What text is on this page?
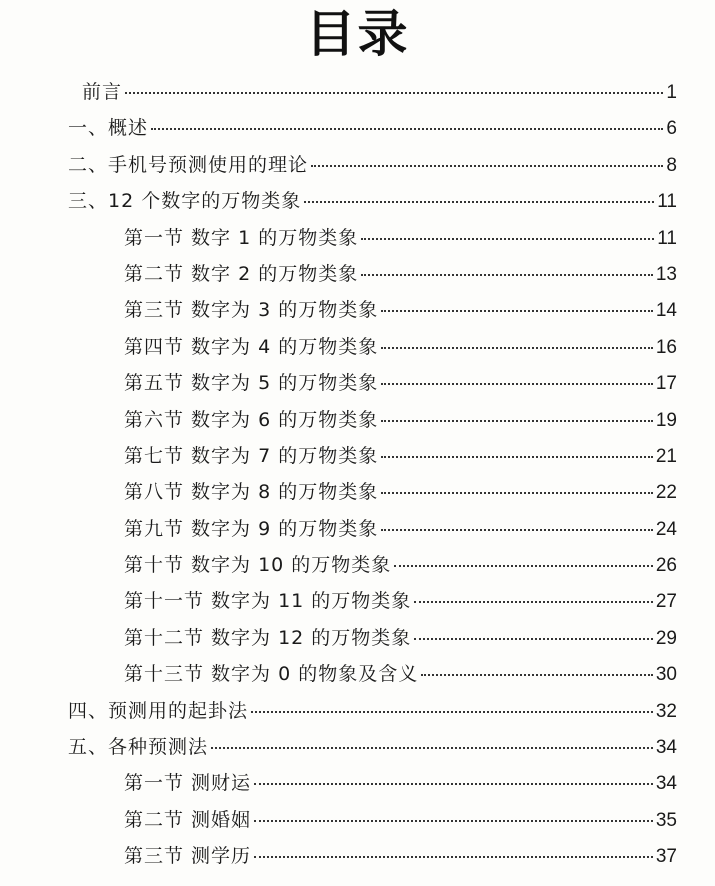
目录
前言	1
一、概述	6
二、手机号预测使用的理论	8
三、12 个数字的万物类象	11
第一节 数字 1 的万物类象	11
第二节 数字 2 的万物类象	13
第三节 数字为 3 的万物类象	14
第四节 数字为 4 的万物类象	16
第五节 数字为 5 的万物类象	17
第六节 数字为 6 的万物类象	19
第七节 数字为 7 的万物类象	21
第八节 数字为 8 的万物类象	22
第九节 数字为 9 的万物类象	24
第十节 数字为 10 的万物类象	26
第十一节 数字为 11 的万物类象	27
第十二节 数字为 12 的万物类象	29
第十三节 数字为 0 的物象及含义	30
四、预测用的起卦法	32
五、各种预测法	34
第一节 测财运	34
第二节 测婚姻	35
第三节 测学历	37
